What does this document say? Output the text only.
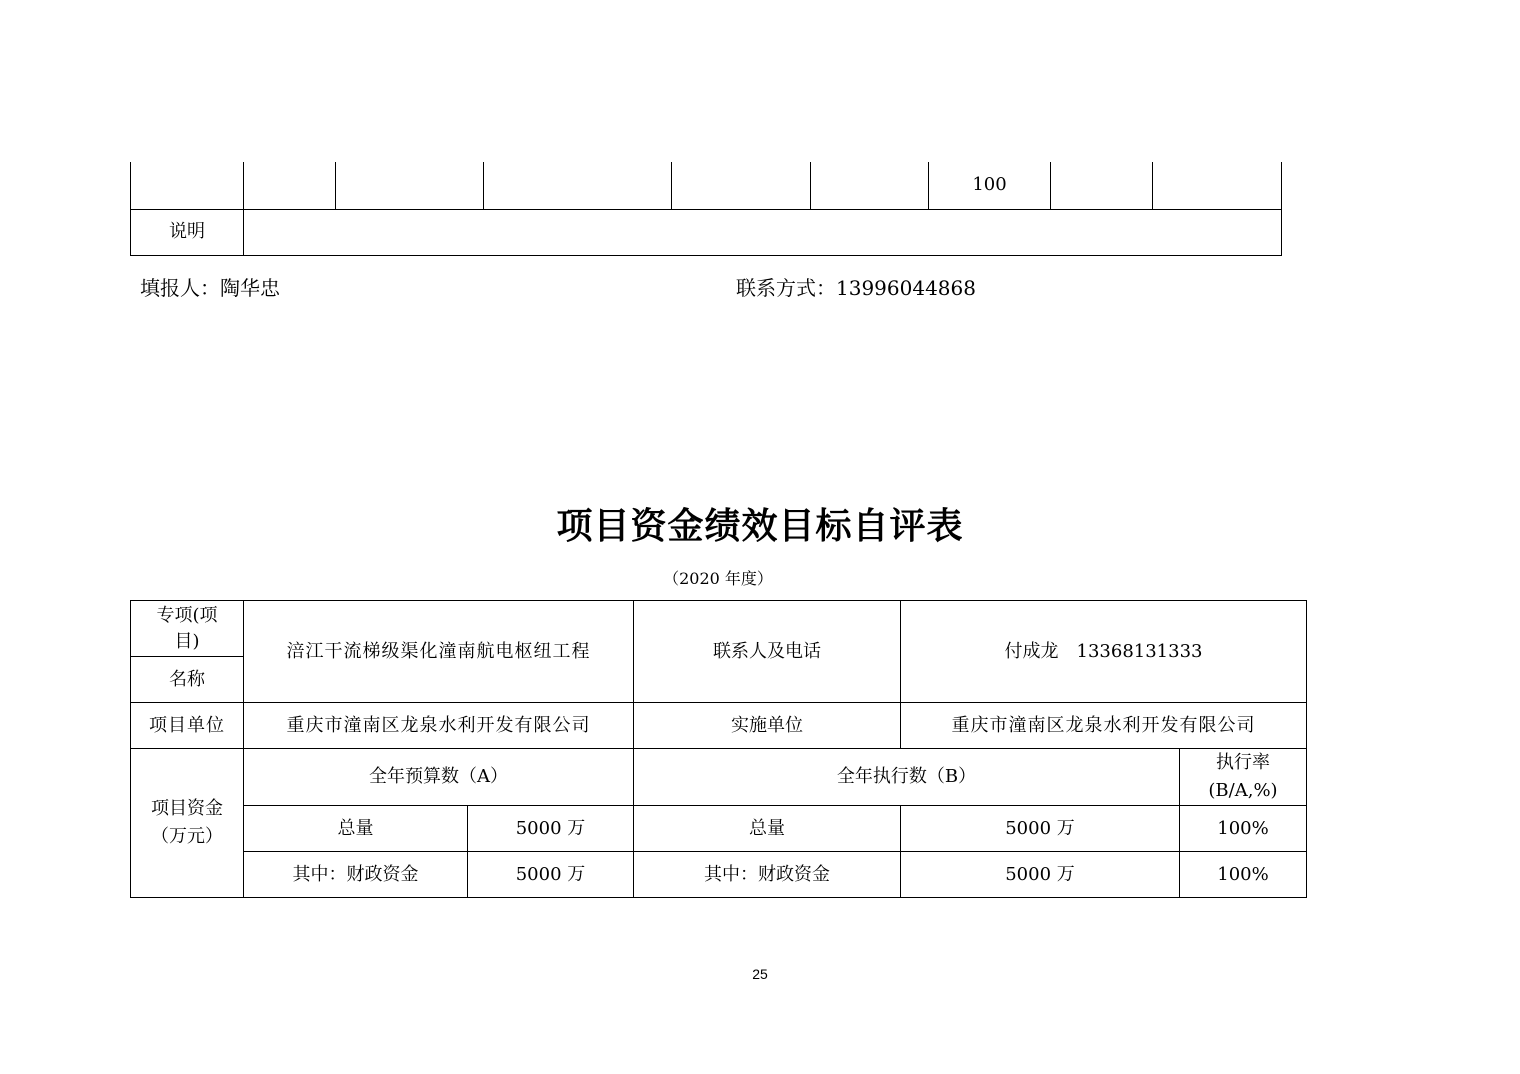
						100		
说明								
填报人：陶华忠	联系方式：13996044868
项目资金绩效目标自评表
（2020 年度）
专项(项目)	涪江干流梯级渠化潼南航电枢纽工程		联系人及电话	付成龙　13368131333	
名称					
项目单位	重庆市潼南区龙泉水利开发有限公司		实施单位	重庆市潼南区龙泉水利开发有限公司	

项目资金（万元）	全年预算数（A）		全年执行数（B）		执行率(B/A,%)

	总量	5000 万	总量	5000 万	100%
	其中：财政资金	5000 万	其中：财政资金	5000 万	100%
25
